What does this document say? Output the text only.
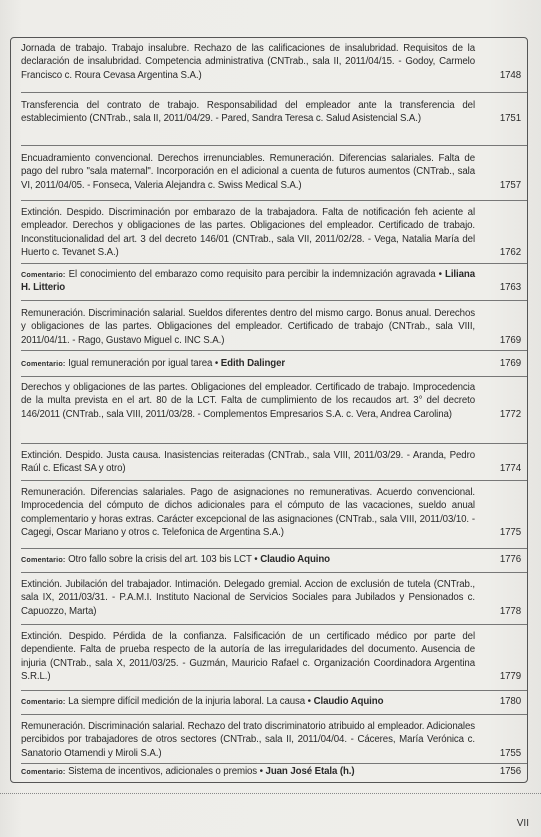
Jornada de trabajo. Trabajo insalubre. Rechazo de las calificaciones de insalubridad. Requisitos de la declaración de insalubridad. Competencia administrativa (CNTrab., sala II, 2011/04/15. - Godoy, Carmelo Francisco c. Roura Cevasa Argentina S.A.)	1748
Transferencia del contrato de trabajo. Responsabilidad del empleador ante la transferencia del establecimiento (CNTrab., sala II, 2011/04/29. - Pared, Sandra Teresa c. Salud Asistencial S.A.)	1751
Encuadramiento convencional. Derechos irrenunciables. Remuneración. Diferencias salariales. Falta de pago del rubro "sala maternal". Incorporación en el adicional a cuenta de futuros aumentos (CNTrab., sala VI, 2011/04/05. - Fonseca, Valeria Alejandra c. Swiss Medical S.A.)	1757
Extinción. Despido. Discriminación por embarazo de la trabajadora. Falta de notificación feh aciente al empleador. Derechos y obligaciones de las partes. Obligaciones del empleador. Certificado de trabajo. Inconstitucionalidad del art. 3 del decreto 146/01 (CNTrab., sala VII, 2011/02/28. - Vega, Natalia María del Huerto c. Tevanet S.A.)	1762
Comentario: El conocimiento del embarazo como requisito para percibir la indemnización agravada • Liliana H. Litterio	1763
Remuneración. Discriminación salarial. Sueldos diferentes dentro del mismo cargo. Bonus anual. Derechos y obligaciones de las partes. Obligaciones del empleador. Certificado de trabajo (CNTrab., sala VIII, 2011/04/11. - Rago, Gustavo Miguel c. INC S.A.)	1769
Comentario: Igual remuneración por igual tarea • Edith Dalinger	1769
Derechos y obligaciones de las partes. Obligaciones del empleador. Certificado de trabajo. Improcedencia de la multa prevista en el art. 80 de la LCT. Falta de cumplimiento de los recaudos art. 3° del decreto 146/2011 (CNTrab., sala VIII, 2011/03/28. - Complementos Empresarios S.A. c. Vera, Andrea Carolina)	1772
Extinción. Despido. Justa causa. Inasistencias reiteradas (CNTrab., sala VIII, 2011/03/29. - Aranda, Pedro Raúl c. Eficast SA y otro)	1774
Remuneración. Diferencias salariales. Pago de asignaciones no remunerativas. Acuerdo convencional. Improcedencia del cómputo de dichos adicionales para el cómputo de las vacaciones, sueldo anual complementario y horas extras. Carácter excepcional de las asignaciones (CNTrab., sala VIII, 2011/03/10. - Cagegi, Oscar Mariano y otros c. Telefonica de Argentina S.A.)	1775
Comentario: Otro fallo sobre la crisis del art. 103 bis LCT • Claudio Aquino	1776
Extinción. Jubilación del trabajador. Intimación. Delegado gremial. Accion de exclusión de tutela (CNTrab., sala IX, 2011/03/31. - P.A.M.I. Instituto Nacional de Servicios Sociales para Jubilados y Pensionados c. Capuozzo, Marta)	1778
Extinción. Despido. Pérdida de la confianza. Falsificación de un certificado médico por parte del dependiente. Falta de prueba respecto de la autoría de las irregularidades del documento. Ausencia de injuria (CNTrab., sala X, 2011/03/25. - Guzmán, Mauricio Rafael c. Organización Coordinadora Argentina S.R.L.)	1779
Comentario: La siempre difícil medición de la injuria laboral. La causa • Claudio Aquino	1780
Remuneración. Discriminación salarial. Rechazo del trato discriminatorio atribuido al empleador. Adicionales percibidos por trabajadores de otros sectores (CNTrab., sala II, 2011/04/04. - Cáceres, María Verónica c. Sanatorio Otamendi y Miroli S.A.)	1755
Comentario: Sistema de incentivos, adicionales o premios • Juan José Etala (h.)	1756
VII
